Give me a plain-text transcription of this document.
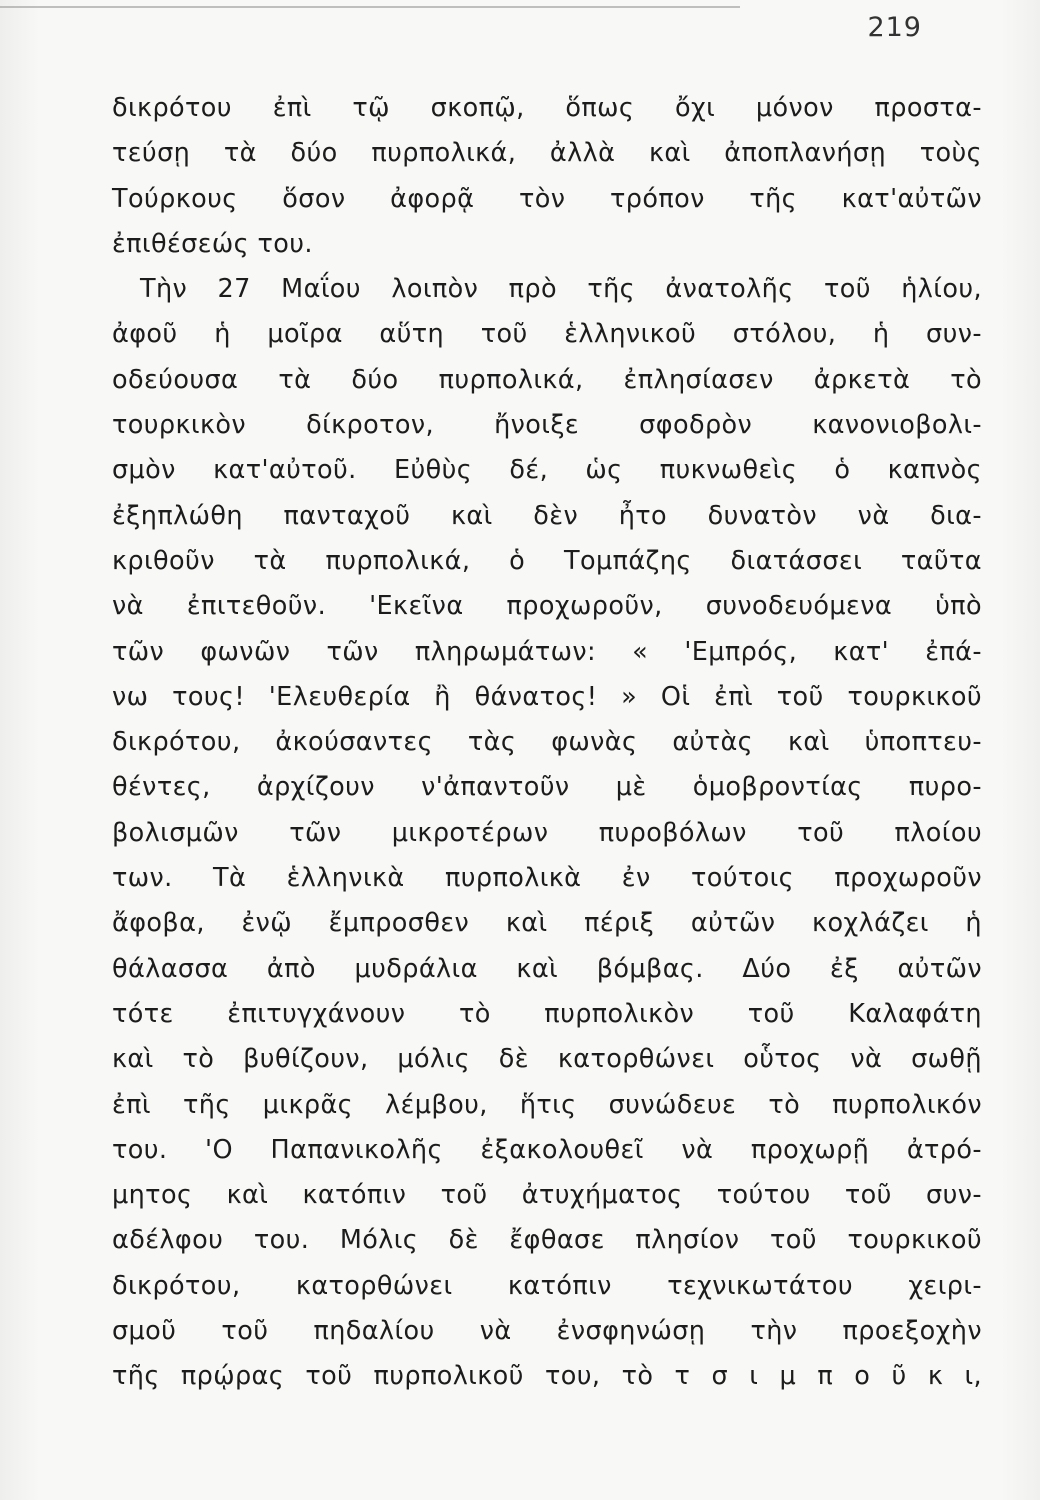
219
δικρότου ἐπὶ τῷ σκοπῷ, ὅπως ὄχι μόνον προστα-
τεύσῃ τὰ δύο πυρπολικά, ἀλλὰ καὶ ἀποπλανήσῃ τοὺς
Τούρκους ὅσον ἀφορᾷ τὸν τρόπον τῆς κατ'αὐτῶν
ἐπιθέσεώς του.
Τὴν 27 Μαΐου λοιπὸν πρὸ τῆς ἀνατολῆς τοῦ ἡλίου,
ἀφοῦ ἡ μοῖρα αὕτη τοῦ ἑλληνικοῦ στόλου, ἡ συν-
οδεύουσα τὰ δύο πυρπολικά, ἐπλησίασεν ἀρκετὰ τὸ
τουρκικὸν δίκροτον, ἤνοιξε σφοδρὸν κανονιοβολι-
σμὸν κατ'αὐτοῦ. Εὐθὺς δέ, ὡς πυκνωθεὶς ὁ καπνὸς
ἐξηπλώθη πανταχοῦ καὶ δὲν ἦτο δυνατὸν νὰ δια-
κριθοῦν τὰ πυρπολικά, ὁ Τομπάζης διατάσσει ταῦτα
νὰ ἐπιτεθοῦν. 'Εκεῖνα προχωροῦν, συνοδευόμενα ὑπὸ
τῶν φωνῶν τῶν πληρωμάτων: « 'Εμπρός, κατ' ἐπά-
νω τους! 'Ελευθερία ἢ θάνατος! » Οἱ ἐπὶ τοῦ τουρκικοῦ
δικρότου, ἀκούσαντες τὰς φωνὰς αὐτὰς καὶ ὑποπτευ-
θέντες, ἀρχίζουν ν'ἀπαντοῦν μὲ ὁμοβροντίας πυρο-
βολισμῶν τῶν μικροτέρων πυροβόλων τοῦ πλοίου
των. Τὰ ἑλληνικὰ πυρπολικὰ ἐν τούτοις προχωροῦν
ἄφοβα, ἐνῷ ἔμπροσθεν καὶ πέριξ αὐτῶν κοχλάζει ἡ
θάλασσα ἀπὸ μυδράλια καὶ βόμβας. Δύο ἐξ αὐτῶν
τότε ἐπιτυγχάνουν τὸ πυρπολικὸν τοῦ Καλαφάτη
καὶ τὸ βυθίζουν, μόλις δὲ κατορθώνει οὗτος νὰ σωθῇ
ἐπὶ τῆς μικρᾶς λέμβου, ἥτις συνώδευε τὸ πυρπολικόν
του. 'Ο Παπανικολῆς ἐξακολουθεῖ νὰ προχωρῇ ἀτρό-
μητος καὶ κατόπιν τοῦ ἀτυχήματος τούτου τοῦ συν-
αδέλφου του. Μόλις δὲ ἔφθασε πλησίον τοῦ τουρκικοῦ
δικρότου, κατορθώνει κατόπιν τεχνικωτάτου χειρι-
σμοῦ τοῦ πηδαλίου νὰ ἐνσφηνώσῃ τὴν προεξοχὴν
τῆς πρῴρας τοῦ πυρπολικοῦ του, τὸ τ σ ι μ π ο ῦ κ ι,
